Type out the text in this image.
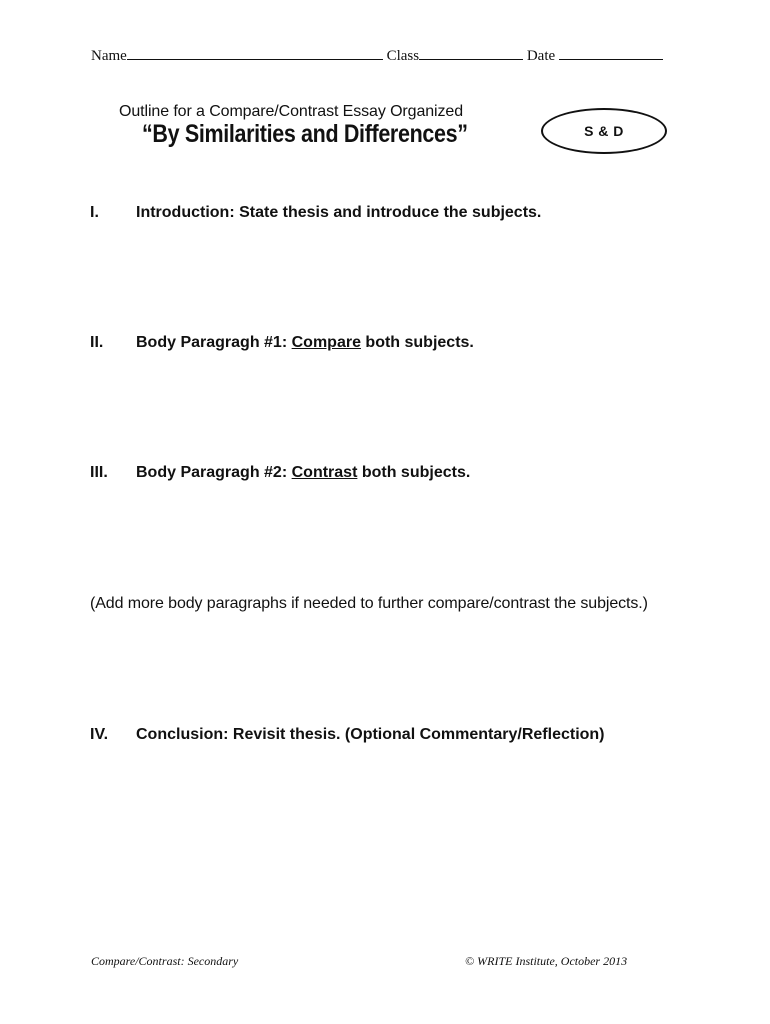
Name	Class	Date
Outline for a Compare/Contrast Essay Organized
“By Similarities and Differences”	S & D
I. Introduction: State thesis and introduce the subjects.
II. Body Paragragh #1: Compare both subjects.
III. Body Paragragh #2: Contrast both subjects.
(Add more body paragraphs if needed to further compare/contrast the subjects.)
IV. Conclusion: Revisit thesis. (Optional Commentary/Reflection)
Compare/Contrast: Secondary	© WRITE Institute, October 2013
